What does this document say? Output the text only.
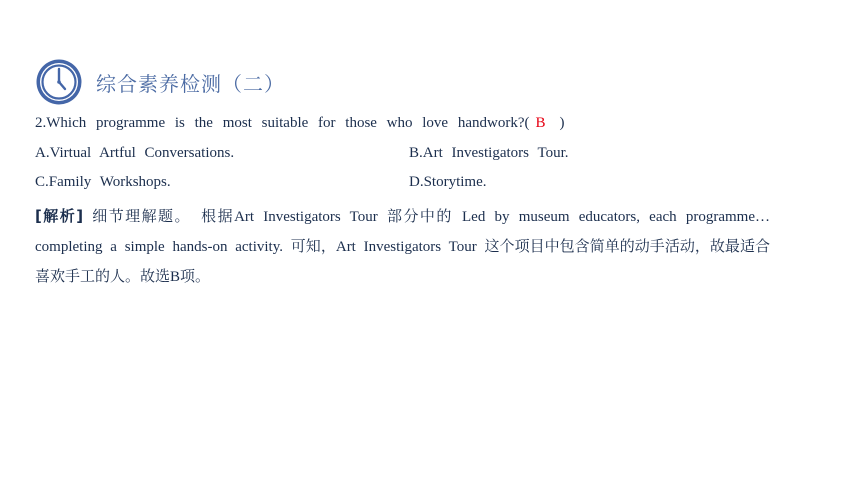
综合素养检测（二）
2.Which programme is the most suitable for those who love handwork?( B )
A.Virtual Artful Conversations.	B.Art Investigators Tour.
C.Family Workshops.	D.Storytime.
[解析] 细节理解题。 根据Art Investigators Tour 部分中的 Led by museum educators, each programme…completing a simple hands-on activity. 可知，Art Investigators Tour 这个项目中包含简单的动手活动，故最适合喜欢手工的人。故选B项。
